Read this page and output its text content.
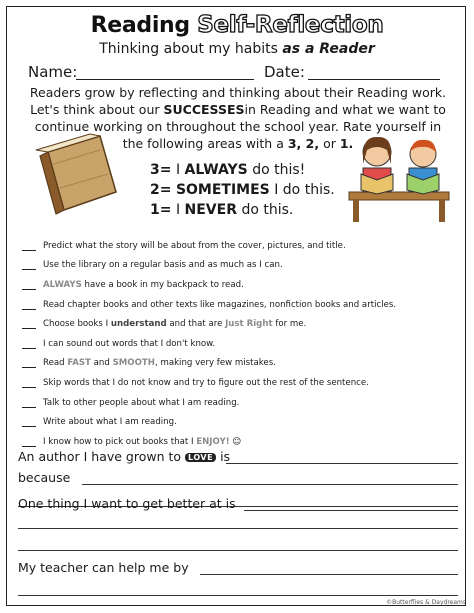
Reading Self-Reflection
Thinking about my habits as a Reader
Name:	Date:
Readers grow by reflecting and thinking about their Reading work.
Let's think about our SUCCESSESin Reading and what we want to
continue working on throughout the school year. Rate yourself in
the following areas with a 3, 2, or 1.
3= I ALWAYS do this!
2= SOMETIMES I do this.
1= I NEVER do this.
Predict what the story will be about from the cover, pictures, and title.
Use the library on a regular basis and as much as I can.
ALWAYS
have a book in my backpack to read.
Read chapter books and other texts like magazines, nonfiction books and articles.
Choose books I
understand
and that are
Just Right
for me.
I can sound out words that I don't know.
Read
FAST
and
SMOOTH , making very few mistakes.
Skip words that I do not know and try to figure out the rest of the sentence.
Talk to other people about what I am reading.
Write about what I am reading.
I know how to pick out books that I
ENJOY!
☺
An author I have grown to LOVE is
because
One thing I want to get better at is
My teacher can help me by
©Butterflies & Daydreams
